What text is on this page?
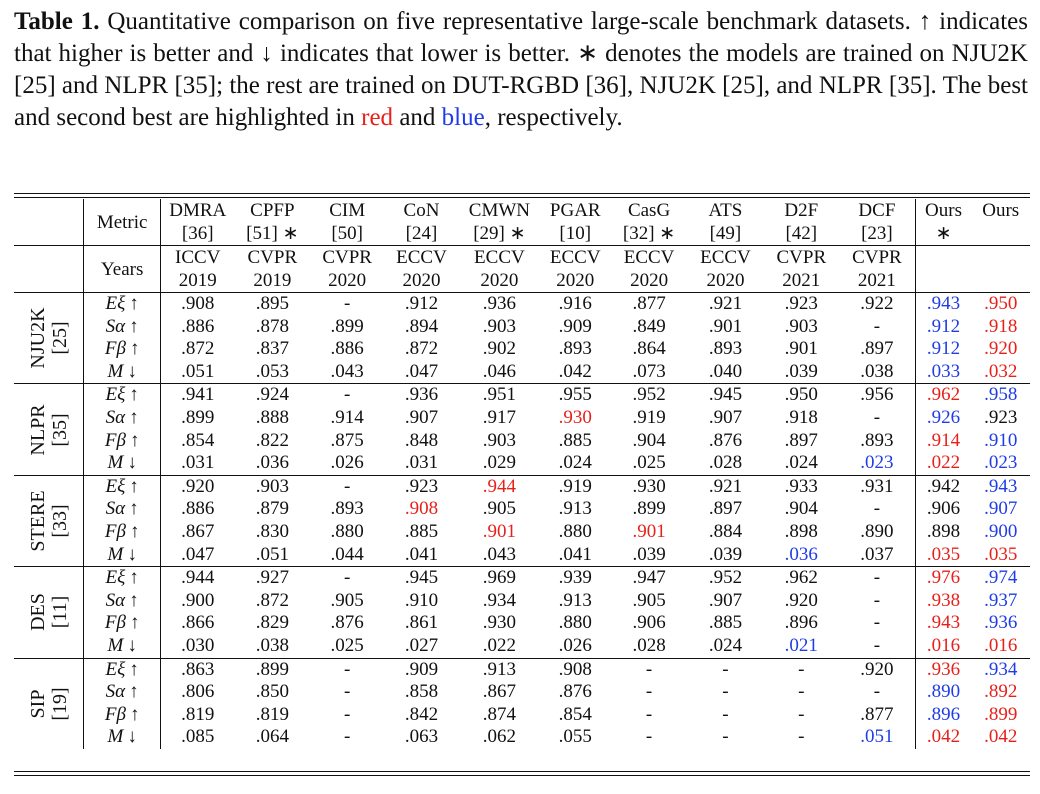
Table 1. Quantitative comparison on five representative large-scale benchmark datasets. ↑ indicates that higher is better and ↓ indicates that lower is better. ∗ denotes the models are trained on NJU2K [25] and NLPR [35]; the rest are trained on DUT-RGBD [36], NJU2K [25], and NLPR [35]. The best and second best are highlighted in red and blue, respectively.
	Metric	DMRA	CPFP	CIM	CoN	CMWN	PGAR	CasG	ATS	D2F	DCF	Ours	Ours
		[36]	[51] ∗	[50]	[24]	[29] ∗	[10]	[32] ∗	[49]	[42]	[23]	∗	
	Years	ICCV	CVPR	CVPR	ECCV	ECCV	ECCV	ECCV	ECCV	CVPR	CVPR		
		2019	2019	2020	2020	2020	2020	2020	2020	2021	2021		

NJU2K [25]	Eξ ↑	.908	.895	-	.912	.936	.916	.877	.921	.923	.922	.943	.950
	Sα ↑	.886	.878	.899	.894	.903	.909	.849	.901	.903	-	.912	.918
	Fβ ↑	.872	.837	.886	.872	.902	.893	.864	.893	.901	.897	.912	.920
	M ↓	.051	.053	.043	.047	.046	.042	.073	.040	.039	.038	.033	.032

NLPR [35]	Eξ ↑	.941	.924	-	.936	.951	.955	.952	.945	.950	.956	.962	.958
	Sα ↑	.899	.888	.914	.907	.917	.930	.919	.907	.918	-	.926	.923
	Fβ ↑	.854	.822	.875	.848	.903	.885	.904	.876	.897	.893	.914	.910
	M ↓	.031	.036	.026	.031	.029	.024	.025	.028	.024	.023	.022	.023

STERE [33]	Eξ ↑	.920	.903	-	.923	.944	.919	.930	.921	.933	.931	.942	.943
	Sα ↑	.886	.879	.893	.908	.905	.913	.899	.897	.904	-	.906	.907
	Fβ ↑	.867	.830	.880	.885	.901	.880	.901	.884	.898	.890	.898	.900
	M ↓	.047	.051	.044	.041	.043	.041	.039	.039	.036	.037	.035	.035

DES [11]	Eξ ↑	.944	.927	-	.945	.969	.939	.947	.952	.962	-	.976	.974
	Sα ↑	.900	.872	.905	.910	.934	.913	.905	.907	.920	-	.938	.937
	Fβ ↑	.866	.829	.876	.861	.930	.880	.906	.885	.896	-	.943	.936
	M ↓	.030	.038	.025	.027	.022	.026	.028	.024	.021	-	.016	.016

SIP [19]	Eξ ↑	.863	.899	-	.909	.913	.908	-	-	-	.920	.936	.934
	Sα ↑	.806	.850	-	.858	.867	.876	-	-	-	-	.890	.892
	Fβ ↑	.819	.819	-	.842	.874	.854	-	-	-	.877	.896	.899
	M ↓	.085	.064	-	.063	.062	.055	-	-	-	.051	.042	.042
